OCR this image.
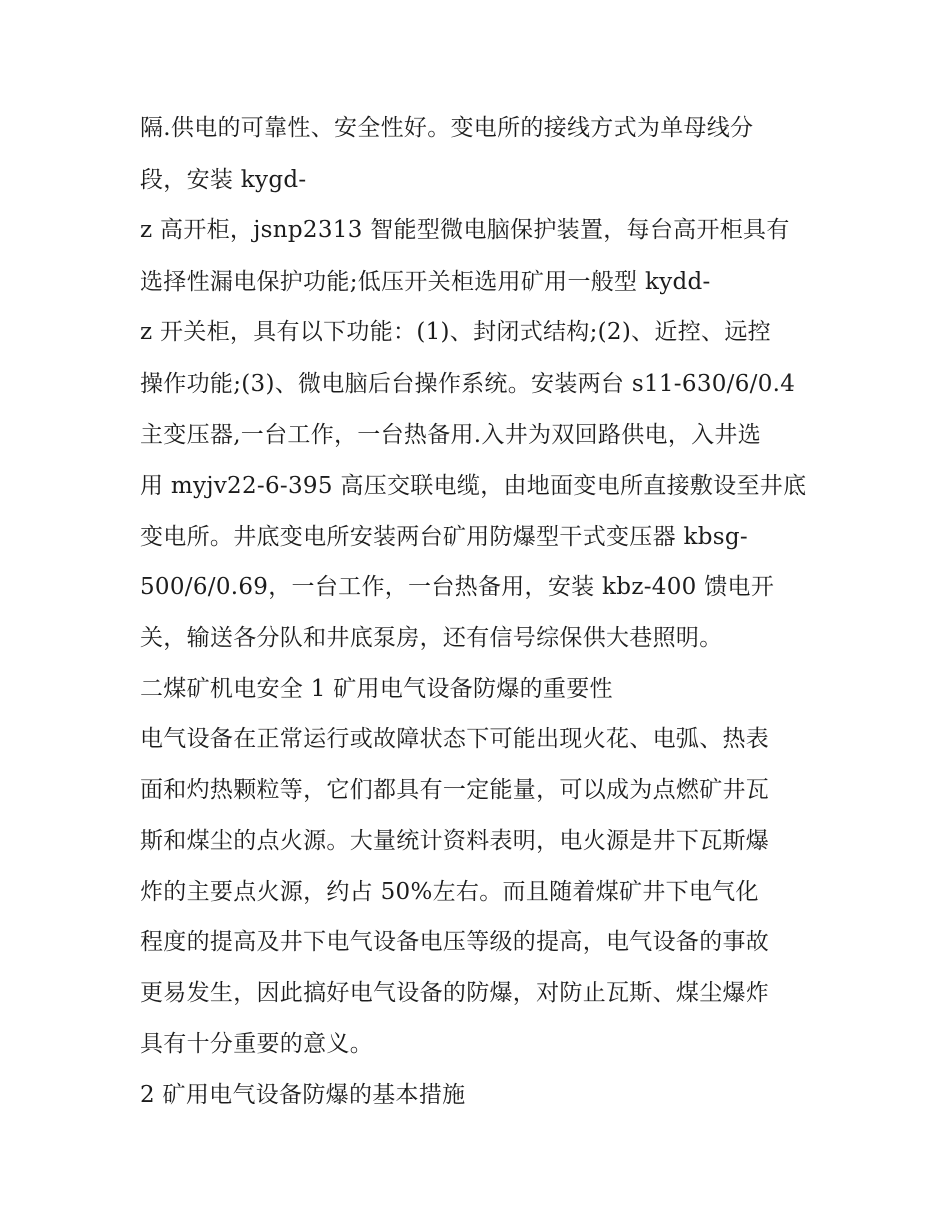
隔.供电的可靠性、安全性好。变电所的接线方式为单母线分
段，安装 kygd-
z 高开柜，jsnp2313 智能型微电脑保护装置，每台高开柜具有
选择性漏电保护功能;低压开关柜选用矿用一般型 kydd-
z 开关柜，具有以下功能：(1)、封闭式结构;(2)、近控、远控
操作功能;(3)、微电脑后台操作系统。安装两台 s11-630/6/0.4
主变压器,一台工作，一台热备用.入井为双回路供电，入井选
用 myjv22-6-395 高压交联电缆，由地面变电所直接敷设至井底
变电所。井底变电所安装两台矿用防爆型干式变压器 kbsg-
500/6/0.69，一台工作，一台热备用，安装 kbz-400 馈电开
关，输送各分队和井底泵房，还有信号综保供大巷照明。
二煤矿机电安全 1 矿用电气设备防爆的重要性
电气设备在正常运行或故障状态下可能出现火花、电弧、热表
面和灼热颗粒等，它们都具有一定能量，可以成为点燃矿井瓦
斯和煤尘的点火源。大量统计资料表明，电火源是井下瓦斯爆
炸的主要点火源，约占 50%左右。而且随着煤矿井下电气化
程度的提高及井下电气设备电压等级的提高，电气设备的事故
更易发生，因此搞好电气设备的防爆，对防止瓦斯、煤尘爆炸
具有十分重要的意义。
2 矿用电气设备防爆的基本措施
